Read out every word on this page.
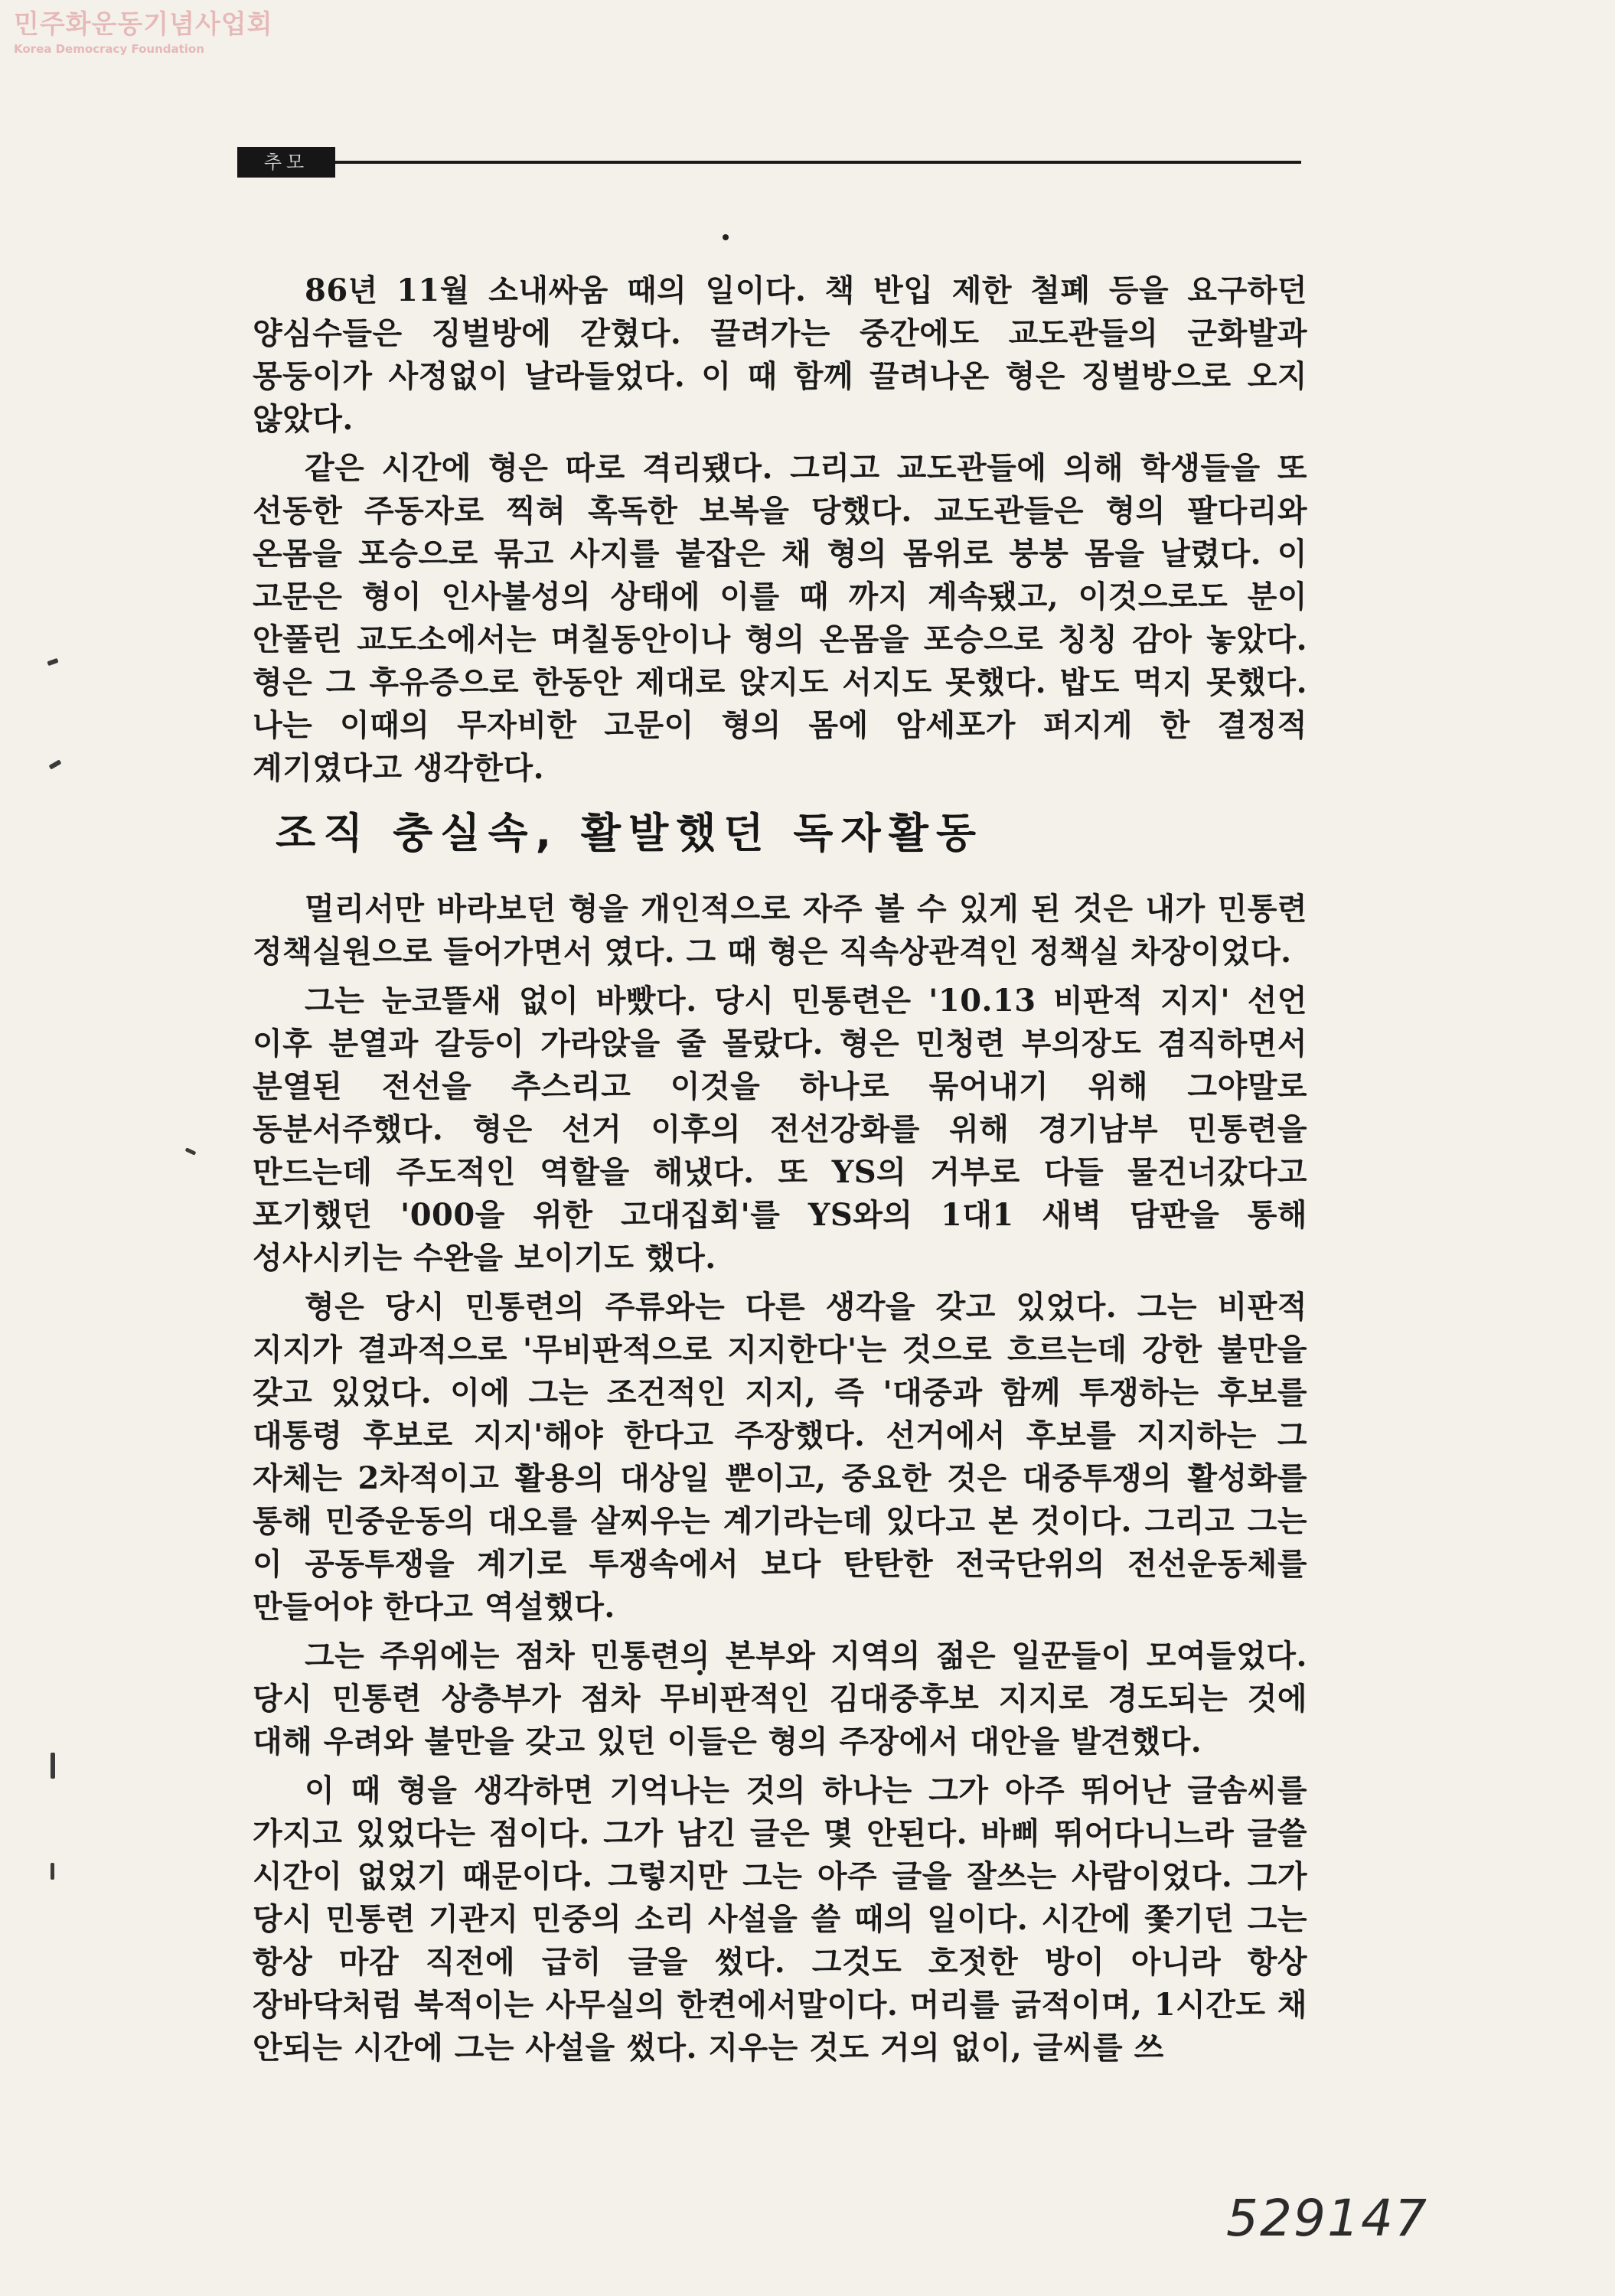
민주화운동기념사업회
Korea Democracy Foundation
추모

86년 11월 소내싸움 때의 일이다. 책 반입 제한 철폐 등을 요구하던 양심수들은 징벌방에 갇혔다. 끌려가는 중간에도 교도관들의 군화발과 몽둥이가 사정없이 날라들었다. 이 때 함께 끌려나온 형은 징벌방으로 오지 않았다.

같은 시간에 형은 따로 격리됐다. 그리고 교도관들에 의해 학생들을 또 선동한 주동자로 찍혀 혹독한 보복을 당했다. 교도관들은 형의 팔다리와 온몸을 포승으로 묶고 사지를 붙잡은 채 형의 몸위로 붕붕 몸을 날렸다. 이 고문은 형이 인사불성의 상태에 이를 때 까지 계속됐고, 이것으로도 분이 안풀린 교도소에서는 며칠동안이나 형의 온몸을 포승으로 칭칭 감아 놓았다. 형은 그 후유증으로 한동안 제대로 앉지도 서지도 못했다. 밥도 먹지 못했다. 나는 이때의 무자비한 고문이 형의 몸에 암세포가 퍼지게 한 결정적 계기였다고 생각한다.

조직 충실속, 활발했던 독자활동

멀리서만 바라보던 형을 개인적으로 자주 볼 수 있게 된 것은 내가 민통련 정책실원으로 들어가면서 였다. 그 때 형은 직속상관격인 정책실 차장이었다.

그는 눈코뜰새 없이 바빴다. 당시 민통련은 '10.13 비판적 지지' 선언 이후 분열과 갈등이 가라앉을 줄 몰랐다. 형은 민청련 부의장도 겸직하면서 분열된 전선을 추스리고 이것을 하나로 묶어내기 위해 그야말로 동분서주했다. 형은 선거 이후의 전선강화를 위해 경기남부 민통련을 만드는데 주도적인 역할을 해냈다. 또 YS의 거부로 다들 물건너갔다고 포기했던 '000을 위한 고대집회'를 YS와의 1대1 새벽 담판을 통해 성사시키는 수완을 보이기도 했다.

형은 당시 민통련의 주류와는 다른 생각을 갖고 있었다. 그는 비판적 지지가 결과적으로 '무비판적으로 지지한다'는 것으로 흐르는데 강한 불만을 갖고 있었다. 이에 그는 조건적인 지지, 즉 '대중과 함께 투쟁하는 후보를 대통령 후보로 지지'해야 한다고 주장했다. 선거에서 후보를 지지하는 그 자체는 2차적이고 활용의 대상일 뿐이고, 중요한 것은 대중투쟁의 활성화를 통해 민중운동의 대오를 살찌우는 계기라는데 있다고 본 것이다. 그리고 그는 이 공동투쟁을 계기로 투쟁속에서 보다 탄탄한 전국단위의 전선운동체를 만들어야 한다고 역설했다.

그는 주위에는 점차 민통련의 본부와 지역의 젊은 일꾼들이 모여들었다. 당시 민통련 상층부가 점차 무비판적인 김대중후보 지지로 경도되는 것에 대해 우려와 불만을 갖고 있던 이들은 형의 주장에서 대안을 발견했다.

이 때 형을 생각하면 기억나는 것의 하나는 그가 아주 뛰어난 글솜씨를 가지고 있었다는 점이다. 그가 남긴 글은 몇 안된다. 바삐 뛰어다니느라 글쓸 시간이 없었기 때문이다. 그렇지만 그는 아주 글을 잘쓰는 사람이었다. 그가 당시 민통련 기관지 민중의 소리 사설을 쓸 때의 일이다. 시간에 쫓기던 그는 항상 마감 직전에 급히 글을 썼다. 그것도 호젓한 방이 아니라 항상 장바닥처럼 북적이는 사무실의 한켠에서말이다. 머리를 긁적이며, 1시간도 채 안되는 시간에 그는 사설을 썼다. 지우는 것도 거의 없이, 글씨를 쓰

529147
